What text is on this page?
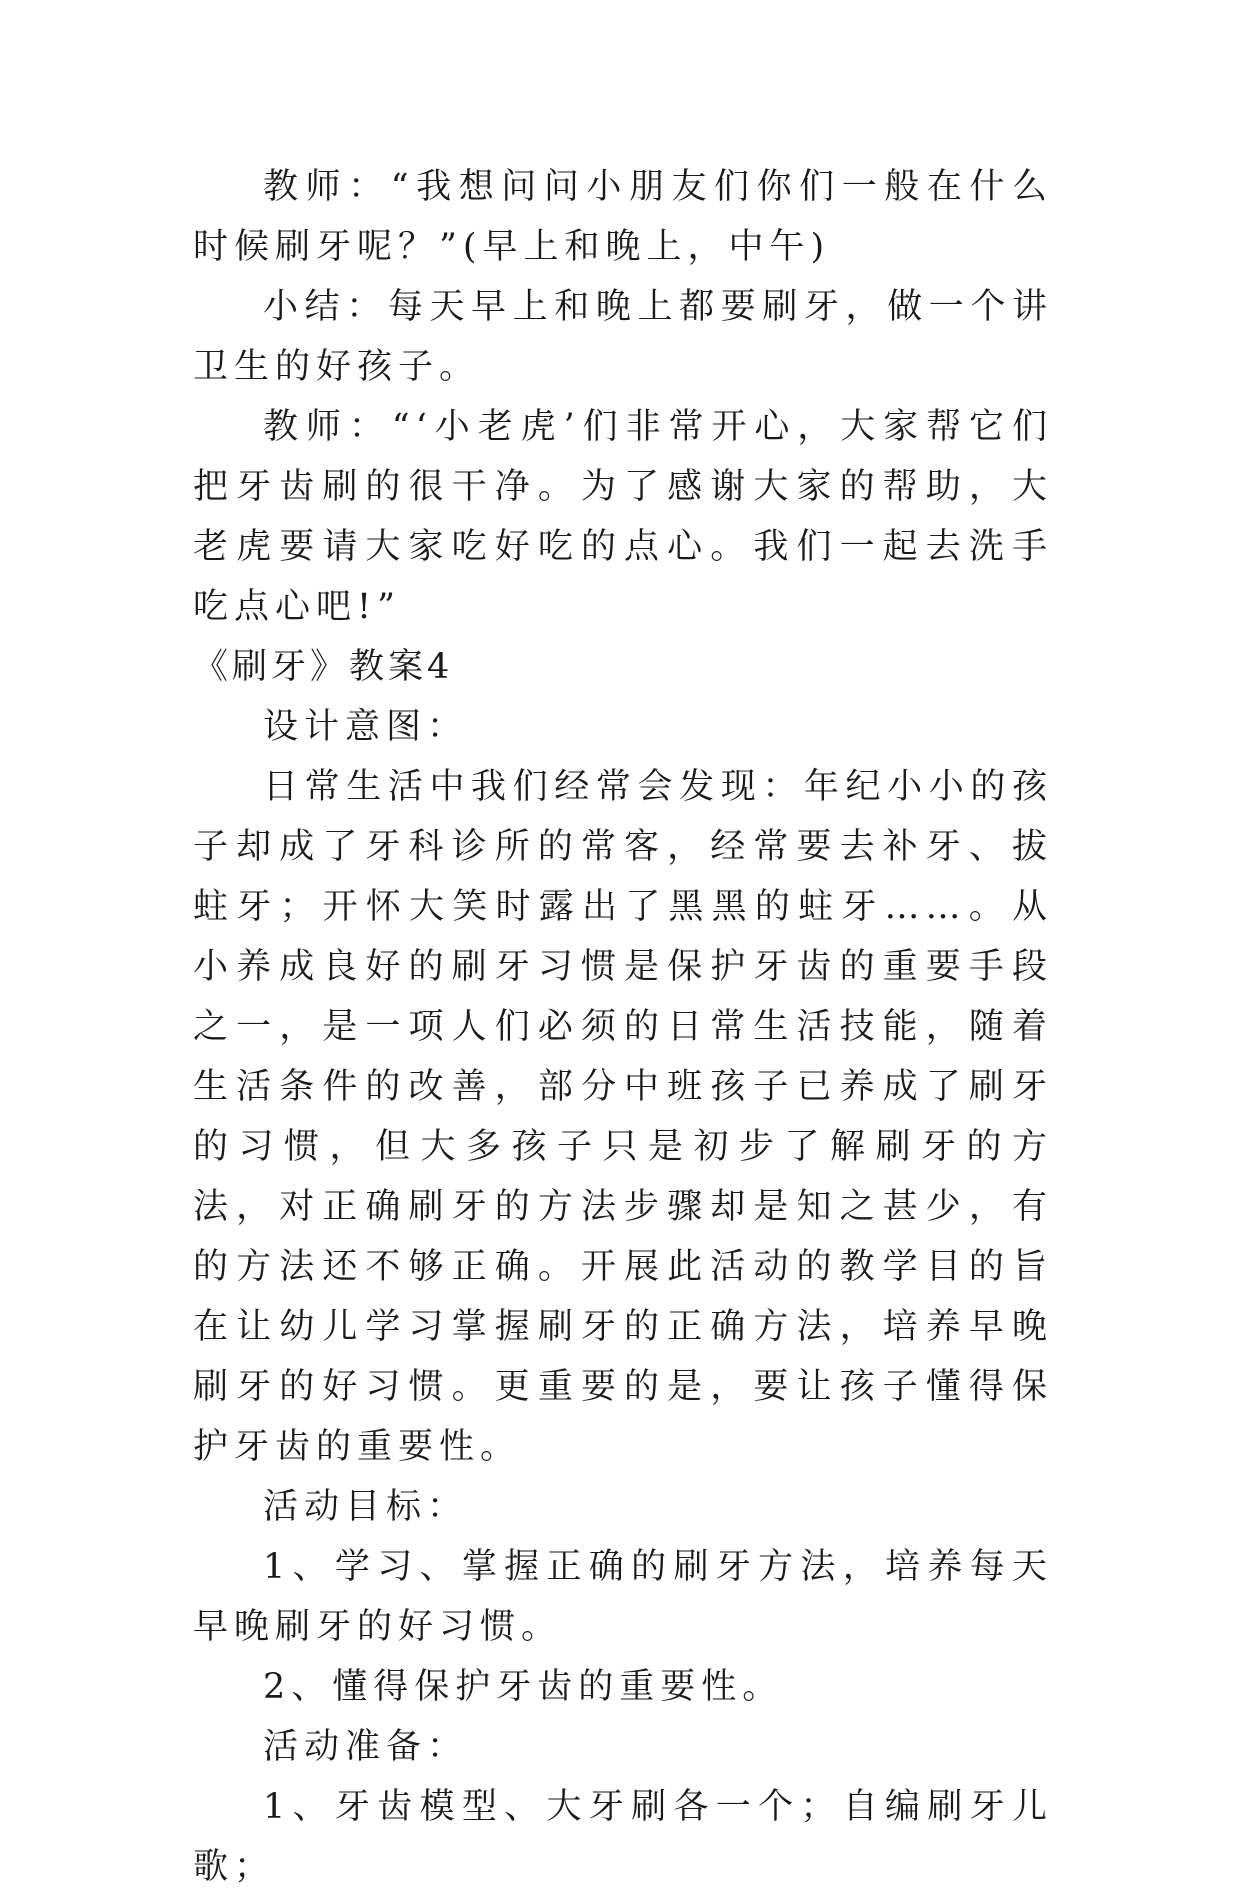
教师：“我想问问小朋友们你们一般在什么时候刷牙呢？”(早上和晚上，中午)

小结：每天早上和晚上都要刷牙，做一个讲卫生的好孩子。

教师：“‘小老虎’们非常开心，大家帮它们把牙齿刷的很干净。为了感谢大家的帮助，大老虎要请大家吃好吃的点心。我们一起去洗手吃点心吧!”

《刷牙》教案4

设计意图：

日常生活中我们经常会发现：年纪小小的孩子却成了牙科诊所的常客，经常要去补牙、拔蛀牙；开怀大笑时露出了黑黑的蛀牙……。从小养成良好的刷牙习惯是保护牙齿的重要手段之一，是一项人们必须的日常生活技能，随着生活条件的改善，部分中班孩子已养成了刷牙的习惯，但大多孩子只是初步了解刷牙的方法，对正确刷牙的方法步骤却是知之甚少，有的方法还不够正确。开展此活动的教学目的旨在让幼儿学习掌握刷牙的正确方法，培养早晚刷牙的好习惯。更重要的是，要让孩子懂得保护牙齿的重要性。

活动目标：

1、学习、掌握正确的刷牙方法，培养每天早晚刷牙的好习惯。

2、懂得保护牙齿的重要性。

活动准备：

1、牙齿模型、大牙刷各一个；自编刷牙儿歌；
